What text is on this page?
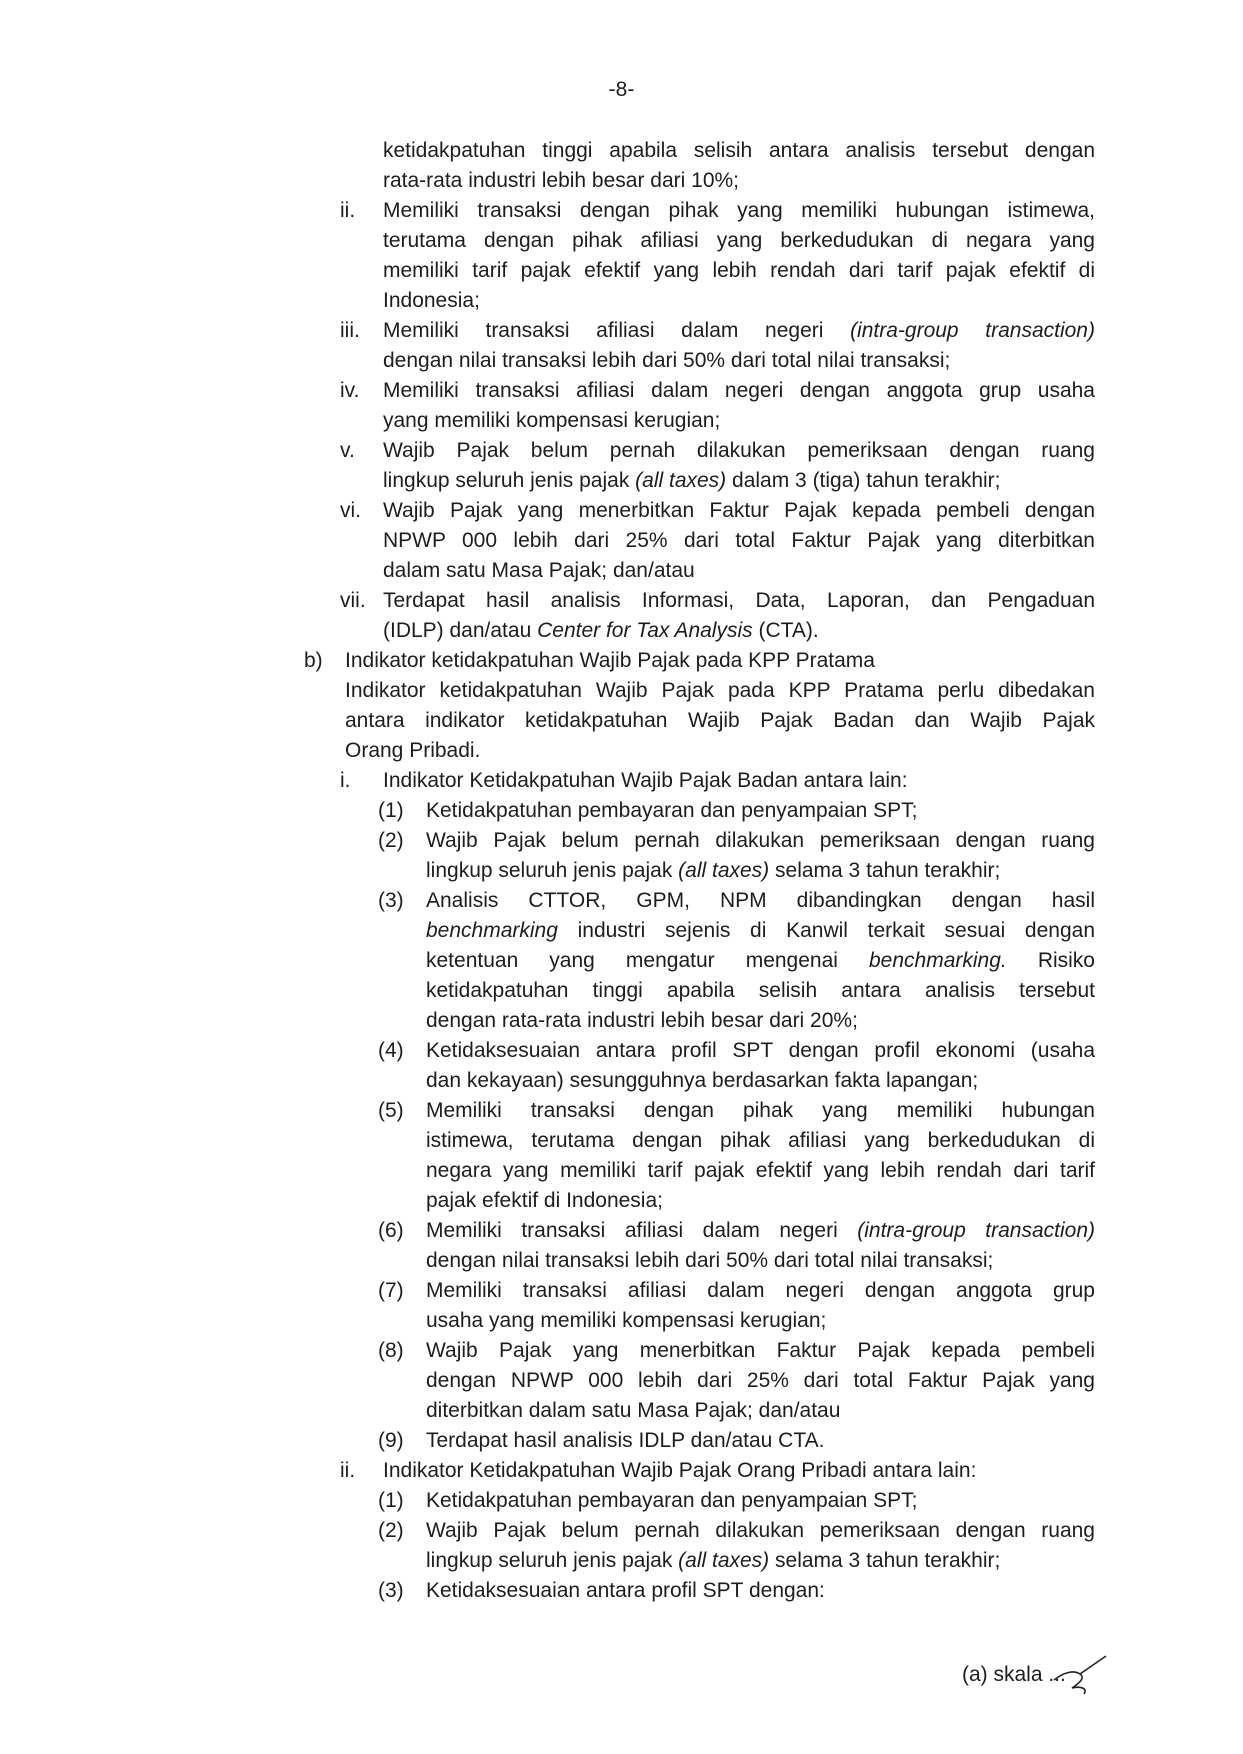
-8-
ketidakpatuhan tinggi apabila selisih antara analisis tersebut dengan
rata-rata industri lebih besar dari 10%;
ii. Memiliki transaksi dengan pihak yang memiliki hubungan istimewa,
terutama dengan pihak afiliasi yang berkedudukan di negara yang
memiliki tarif pajak efektif yang lebih rendah dari tarif pajak efektif di
Indonesia;
iii. Memiliki transaksi afiliasi dalam negeri (intra-group transaction)
dengan nilai transaksi lebih dari 50% dari total nilai transaksi;
iv. Memiliki transaksi afiliasi dalam negeri dengan anggota grup usaha
yang memiliki kompensasi kerugian;
v. Wajib Pajak belum pernah dilakukan pemeriksaan dengan ruang
lingkup seluruh jenis pajak (all taxes) dalam 3 (tiga) tahun terakhir;
vi. Wajib Pajak yang menerbitkan Faktur Pajak kepada pembeli dengan
NPWP 000 lebih dari 25% dari total Faktur Pajak yang diterbitkan
dalam satu Masa Pajak; dan/atau
vii. Terdapat hasil analisis Informasi, Data, Laporan, dan Pengaduan
(IDLP) dan/atau Center for Tax Analysis (CTA).
b) Indikator ketidakpatuhan Wajib Pajak pada KPP Pratama
Indikator ketidakpatuhan Wajib Pajak pada KPP Pratama perlu dibedakan
antara indikator ketidakpatuhan Wajib Pajak Badan dan Wajib Pajak
Orang Pribadi.
i. Indikator Ketidakpatuhan Wajib Pajak Badan antara lain:
(1) Ketidakpatuhan pembayaran dan penyampaian SPT;
(2) Wajib Pajak belum pernah dilakukan pemeriksaan dengan ruang
lingkup seluruh jenis pajak (all taxes) selama 3 tahun terakhir;
(3) Analisis CTTOR, GPM, NPM dibandingkan dengan hasil
benchmarking industri sejenis di Kanwil terkait sesuai dengan
ketentuan yang mengatur mengenai benchmarking. Risiko
ketidakpatuhan tinggi apabila selisih antara analisis tersebut
dengan rata-rata industri lebih besar dari 20%;
(4) Ketidaksesuaian antara profil SPT dengan profil ekonomi (usaha
dan kekayaan) sesungguhnya berdasarkan fakta lapangan;
(5) Memiliki transaksi dengan pihak yang memiliki hubungan
istimewa, terutama dengan pihak afiliasi yang berkedudukan di
negara yang memiliki tarif pajak efektif yang lebih rendah dari tarif
pajak efektif di Indonesia;
(6) Memiliki transaksi afiliasi dalam negeri (intra-group transaction)
dengan nilai transaksi lebih dari 50% dari total nilai transaksi;
(7) Memiliki transaksi afiliasi dalam negeri dengan anggota grup
usaha yang memiliki kompensasi kerugian;
(8) Wajib Pajak yang menerbitkan Faktur Pajak kepada pembeli
dengan NPWP 000 lebih dari 25% dari total Faktur Pajak yang
diterbitkan dalam satu Masa Pajak; dan/atau
(9) Terdapat hasil analisis IDLP dan/atau CTA.
ii. Indikator Ketidakpatuhan Wajib Pajak Orang Pribadi antara lain:
(1) Ketidakpatuhan pembayaran dan penyampaian SPT;
(2) Wajib Pajak belum pernah dilakukan pemeriksaan dengan ruang
lingkup seluruh jenis pajak (all taxes) selama 3 tahun terakhir;
(3) Ketidaksesuaian antara profil SPT dengan:
(a) skala ...
